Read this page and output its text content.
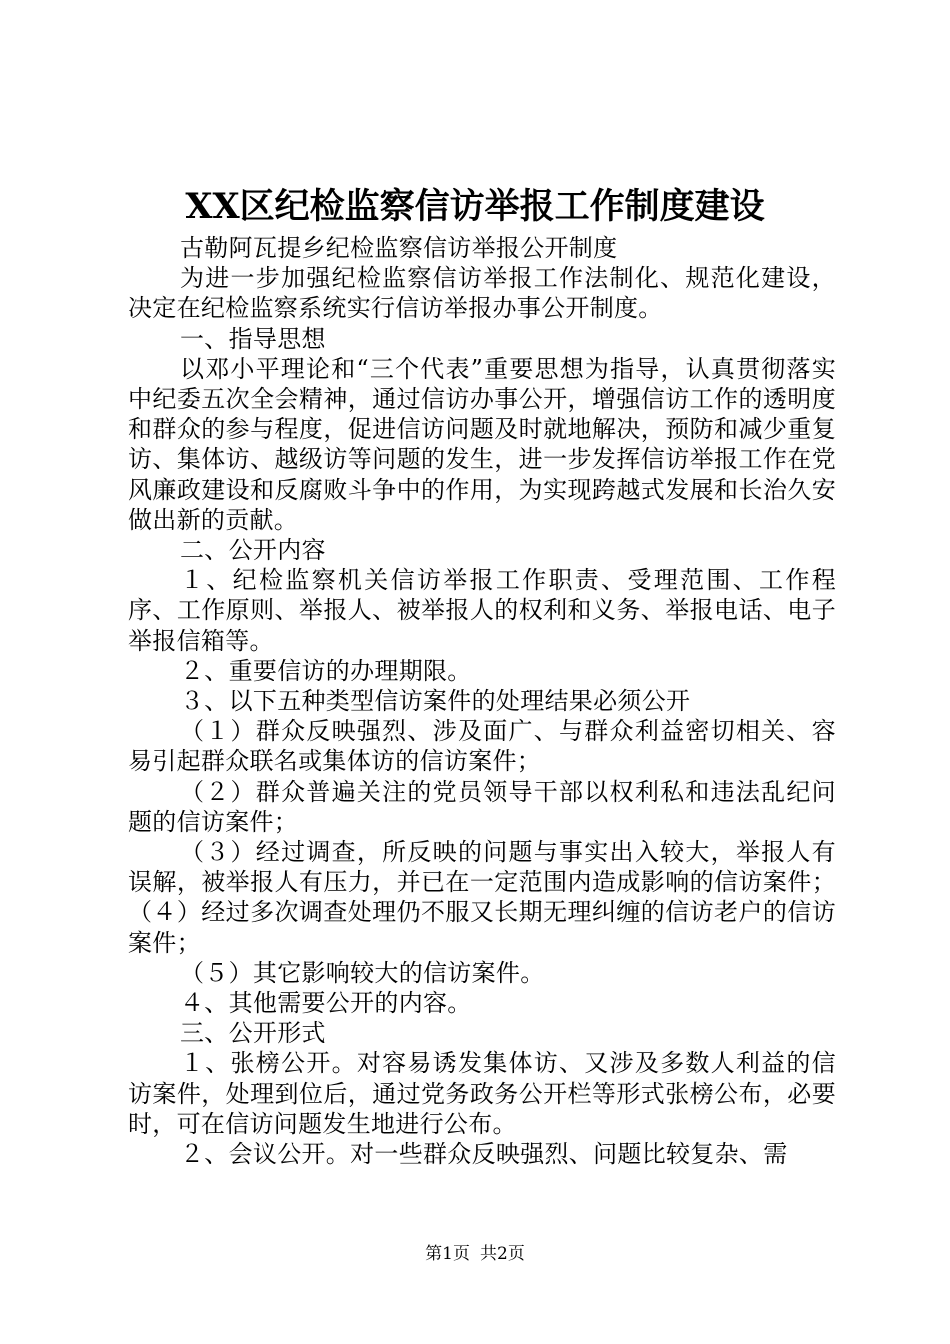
XX区纪检监察信访举报工作制度建设

古勒阿瓦提乡纪检监察信访举报公开制度

为进一步加强纪检监察信访举报工作法制化、规范化建设，决定在纪检监察系统实行信访举报办事公开制度。

一、指导思想

以邓小平理论和“三个代表”重要思想为指导，认真贯彻落实中纪委五次全会精神，通过信访办事公开，增强信访工作的透明度和群众的参与程度，促进信访问题及时就地解决，预防和减少重复访、集体访、越级访等问题的发生，进一步发挥信访举报工作在党风廉政建设和反腐败斗争中的作用，为实现跨越式发展和长治久安做出新的贡献。

二、公开内容

１、纪检监察机关信访举报工作职责、受理范围、工作程序、工作原则、举报人、被举报人的权利和义务、举报电话、电子举报信箱等。

２、重要信访的办理期限。

３、以下五种类型信访案件的处理结果必须公开

（１）群众反映强烈、涉及面广、与群众利益密切相关、容易引起群众联名或集体访的信访案件；

（２）群众普遍关注的党员领导干部以权利私和违法乱纪问题的信访案件；

（３）经过调查，所反映的问题与事实出入较大，举报人有误解，被举报人有压力，并已在一定范围内造成影响的信访案件；（４）经过多次调查处理仍不服又长期无理纠缠的信访老户的信访案件；

（５）其它影响较大的信访案件。

４、其他需要公开的内容。

三、公开形式

１、张榜公开。对容易诱发集体访、又涉及多数人利益的信访案件，处理到位后，通过党务政务公开栏等形式张榜公布，必要时，可在信访问题发生地进行公布。

２、会议公开。对一些群众反映强烈、问题比较复杂、需

第1页 共2页
